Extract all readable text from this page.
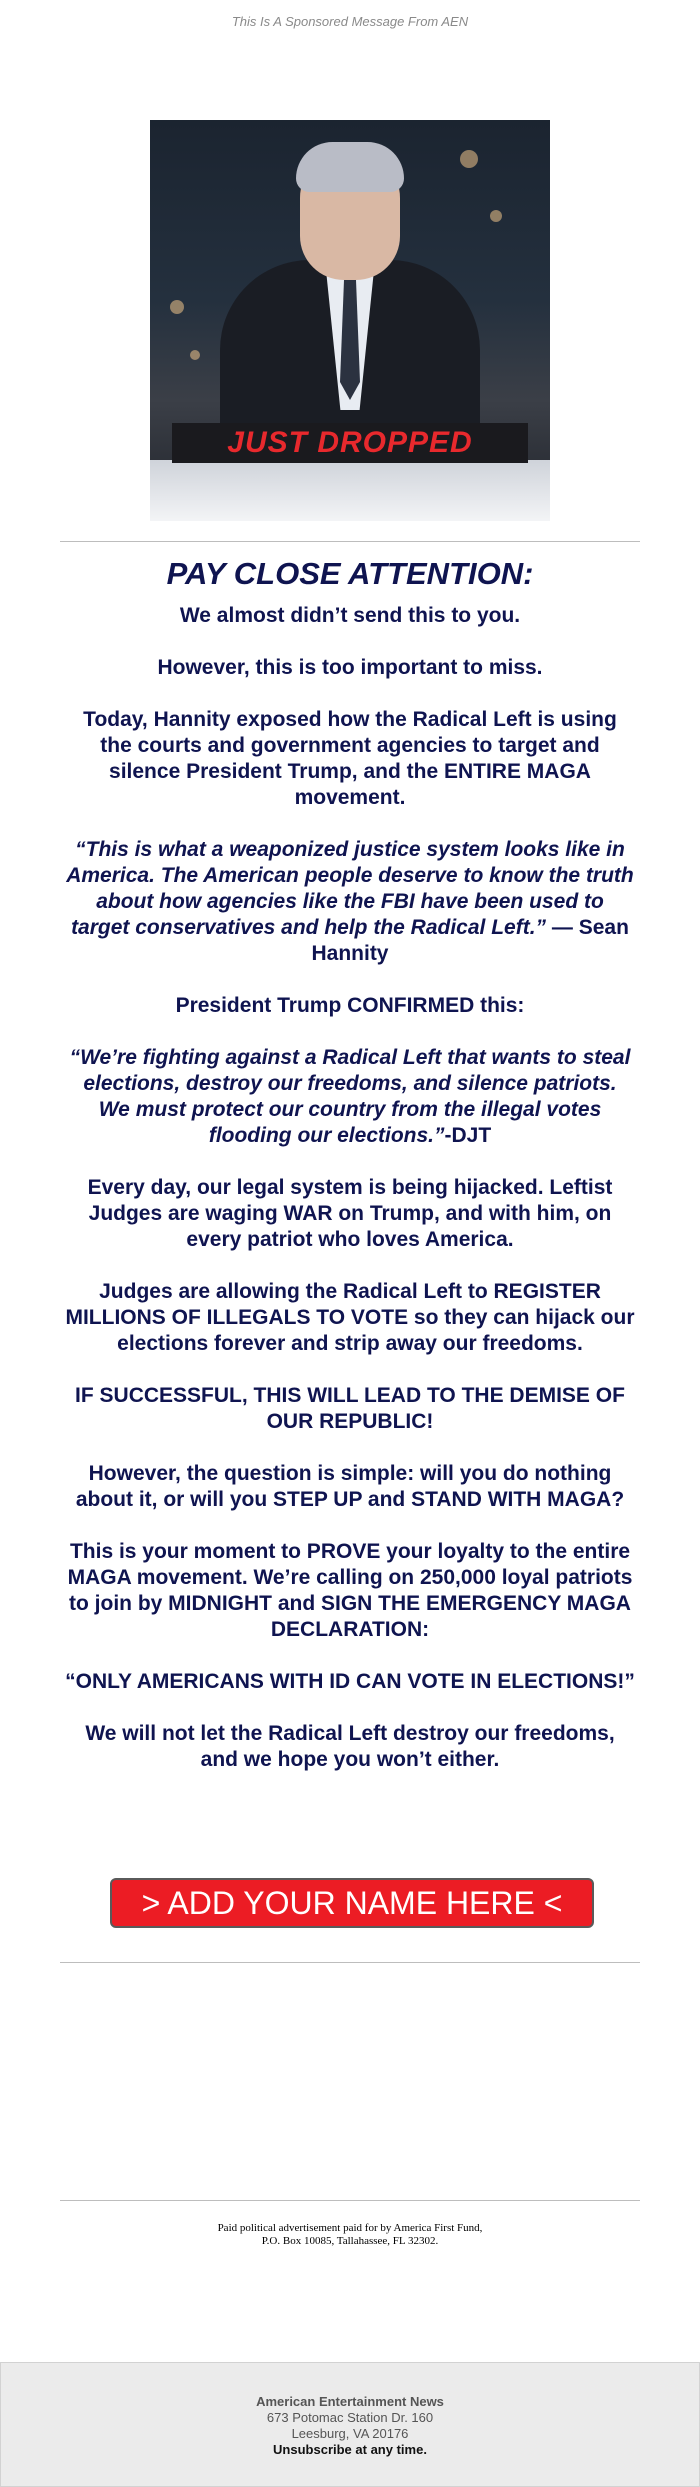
This Is A Sponsored Message From AEN
JUST DROPPED
PAY CLOSE ATTENTION:

We almost didn’t send this to you.

However, this is too important to miss.

Today, Hannity exposed how the Radical Left is using the courts and government agencies to target and silence President Trump, and the ENTIRE MAGA movement.

“This is what a weaponized justice system looks like in America. The American people deserve to know the truth about how agencies like the FBI have been used to target conservatives and help the Radical Left.” — Sean Hannity

President Trump CONFIRMED this:

“We’re fighting against a Radical Left that wants to steal elections, destroy our freedoms, and silence patriots. We must protect our country from the illegal votes flooding our elections.”-DJT

Every day, our legal system is being hijacked. Leftist Judges are waging WAR on Trump, and with him, on every patriot who loves America.

Judges are allowing the Radical Left to REGISTER MILLIONS OF ILLEGALS TO VOTE so they can hijack our elections forever and strip away our freedoms.

IF SUCCESSFUL, THIS WILL LEAD TO THE DEMISE OF OUR REPUBLIC!

However, the question is simple: will you do nothing about it, or will you STEP UP and STAND WITH MAGA?

This is your moment to PROVE your loyalty to the entire MAGA movement. We’re calling on 250,000 loyal patriots to join by MIDNIGHT and SIGN THE EMERGENCY MAGA DECLARATION:

“ONLY AMERICANS WITH ID CAN VOTE IN ELECTIONS!”

We will not let the Radical Left destroy our freedoms, and we hope you won’t either.

> ADD YOUR NAME HERE <
Paid political advertisement paid for by America First Fund,
P.O. Box 10085, Tallahassee, FL 32302.
American Entertainment News
673 Potomac Station Dr. 160
Leesburg, VA 20176
Unsubscribe at any time.
